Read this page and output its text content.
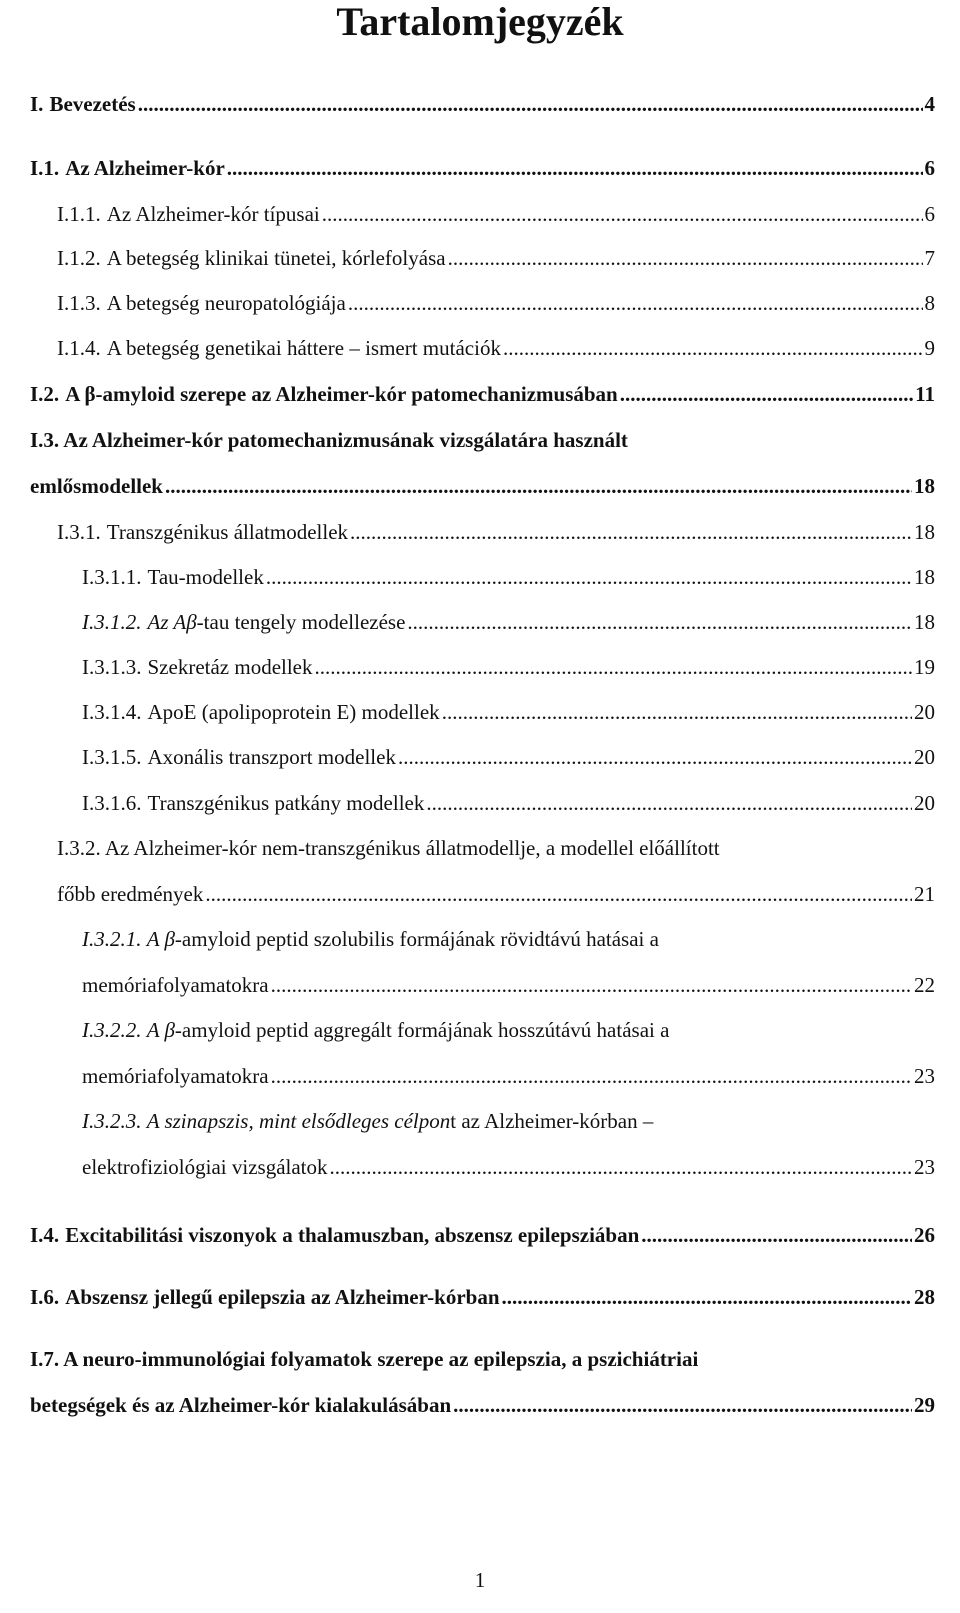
Tartalomjegyzék
I. Bevezetés .....	4
I.1. Az Alzheimer-kór .....	6
I.1.1. Az Alzheimer-kór típusai .....	6
I.1.2. A betegség klinikai tünetei, kórlefolyása .....	7
I.1.3. A betegség neuropatológiája .....	8
I.1.4. A betegség genetikai háttere – ismert mutációk .....	9
I.2. A β-amyloid szerepe az Alzheimer-kór patomechanizmusában .....	11
I.3. Az Alzheimer-kór patomechanizmusának vizsgálatára használt
emlősmodellek .....	18
I.3.1. Transzgénikus állatmodellek .....	18
I.3.1.1. Tau-modellek .....	18
I.3.1.2. Az Aβ -tau tengely modellezése .....	18
I.3.1.3. Szekretáz modellek .....	19
I.3.1.4. ApoE (apolipoprotein E) modellek .....	20
I.3.1.5. Axonális transzport modellek .....	20
I.3.1.6. Transzgénikus patkány modellek .....	20
I.3.2. Az Alzheimer-kór nem-transzgénikus állatmodellje, a modellel előállított
főbb eredmények .....	21
I.3.2.1. A β-amyloid peptid szolubilis formájának rövidtávú hatásai a
memóriafolyamatokra .....	22
I.3.2.2. A β-amyloid peptid aggregált formájának hosszútávú hatásai a
memóriafolyamatokra .....	23
I.3.2.3. A szinapszis, mint elsődleges célpont az Alzheimer-kórban –
elektrofiziológiai vizsgálatok .....	23
I.4. Excitabilitási viszonyok a thalamuszban, abszensz epilepsziában .....	26
I.6. Abszensz jellegű epilepszia az Alzheimer-kórban .....	28
I.7. A neuro-immunológiai folyamatok szerepe az epilepszia, a pszichiátriai
betegségek és az Alzheimer-kór kialakulásában .....	29
1
